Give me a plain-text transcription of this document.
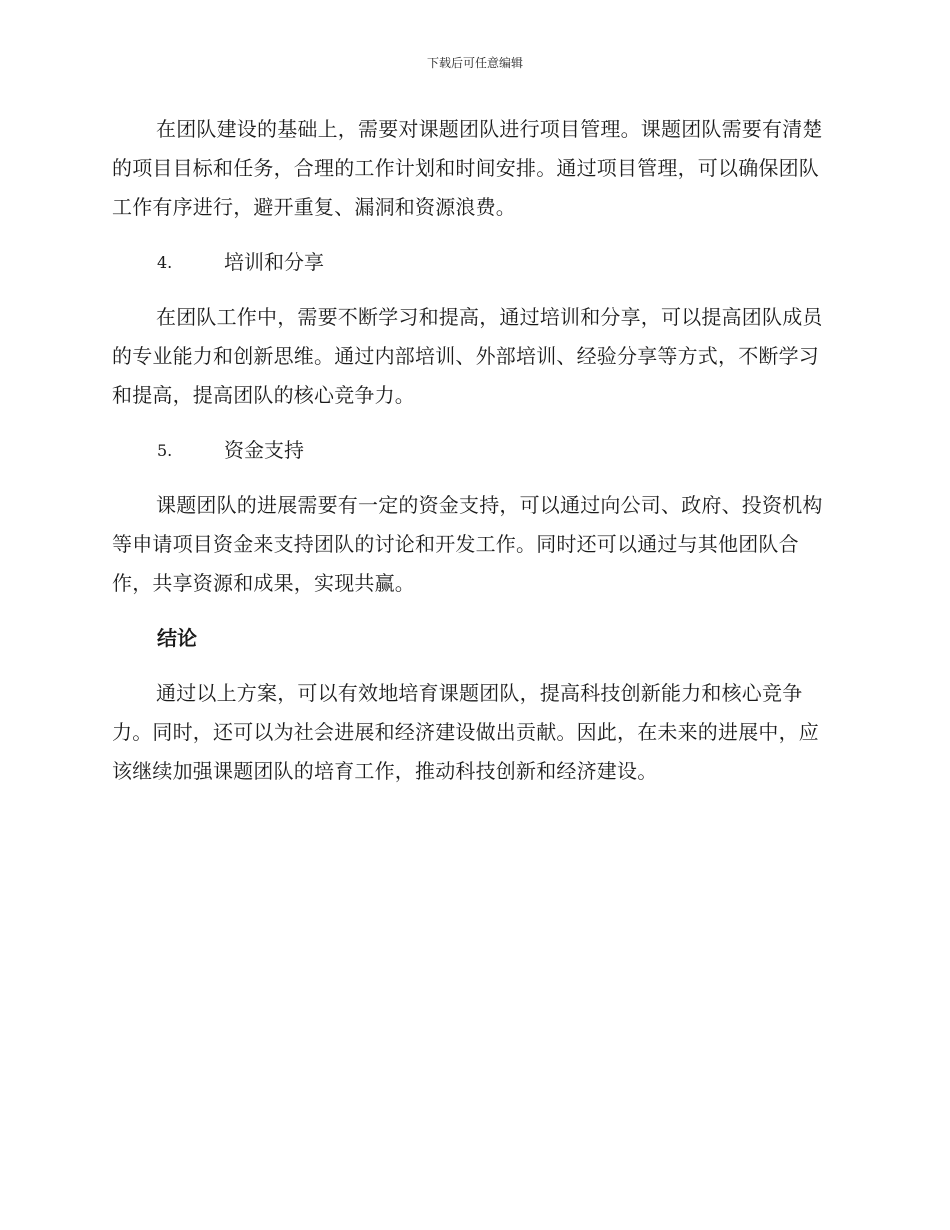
下载后可任意编辑

在团队建设的基础上，需要对课题团队进行项目管理。课题团队需要有清楚的项目目标和任务，合理的工作计划和时间安排。通过项目管理，可以确保团队工作有序进行，避开重复、漏洞和资源浪费。

4.	培训和分享

在团队工作中，需要不断学习和提高，通过培训和分享，可以提高团队成员的专业能力和创新思维。通过内部培训、外部培训、经验分享等方式，不断学习和提高，提高团队的核心竞争力。

5.	资金支持

课题团队的进展需要有一定的资金支持，可以通过向公司、政府、投资机构等申请项目资金来支持团队的讨论和开发工作。同时还可以通过与其他团队合作，共享资源和成果，实现共赢。

结论

通过以上方案，可以有效地培育课题团队，提高科技创新能力和核心竞争力。同时，还可以为社会进展和经济建设做出贡献。因此，在未来的进展中，应该继续加强课题团队的培育工作，推动科技创新和经济建设。
